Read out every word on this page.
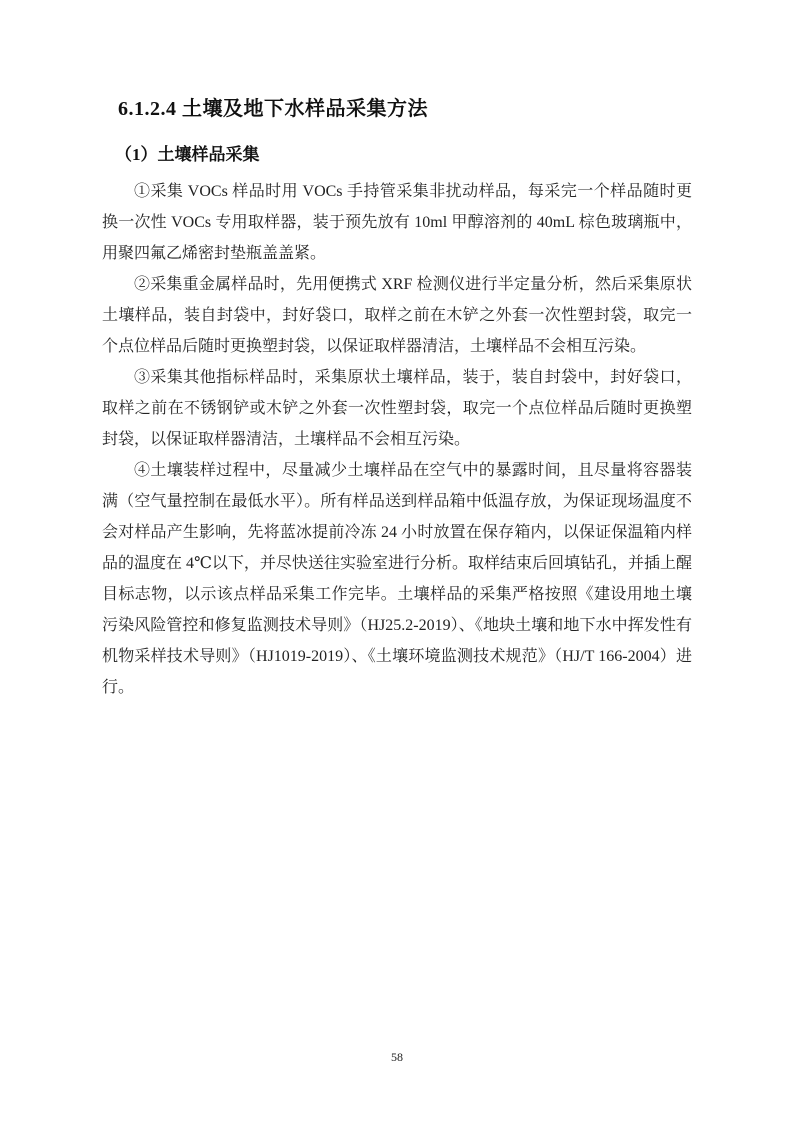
6.1.2.4 土壤及地下水样品采集方法
（1）土壤样品采集

①采集 VOCs 样品时用 VOCs 手持管采集非扰动样品，每采完一个样品随时更换一次性 VOCs 专用取样器，装于预先放有 10ml 甲醇溶剂的 40mL 棕色玻璃瓶中，用聚四氟乙烯密封垫瓶盖盖紧。

②采集重金属样品时，先用便携式 XRF 检测仪进行半定量分析，然后采集原状土壤样品，装自封袋中，封好袋口，取样之前在木铲之外套一次性塑封袋，取完一个点位样品后随时更换塑封袋，以保证取样器清洁，土壤样品不会相互污染。

③采集其他指标样品时，采集原状土壤样品，装于，装自封袋中，封好袋口，取样之前在不锈钢铲或木铲之外套一次性塑封袋，取完一个点位样品后随时更换塑封袋，以保证取样器清洁，土壤样品不会相互污染。

④土壤装样过程中，尽量减少土壤样品在空气中的暴露时间，且尽量将容器装满（空气量控制在最低水平）。所有样品送到样品箱中低温存放，为保证现场温度不会对样品产生影响，先将蓝冰提前冷冻 24 小时放置在保存箱内，以保证保温箱内样品的温度在 4℃以下，并尽快送往实验室进行分析。取样结束后回填钻孔，并插上醒目标志物，以示该点样品采集工作完毕。土壤样品的采集严格按照《建设用地土壤污染风险管控和修复监测技术导则》（HJ25.2-2019）、《地块土壤和地下水中挥发性有机物采样技术导则》（HJ1019-2019）、《土壤环境监测技术规范》（HJ/T 166-2004）进行。

58
